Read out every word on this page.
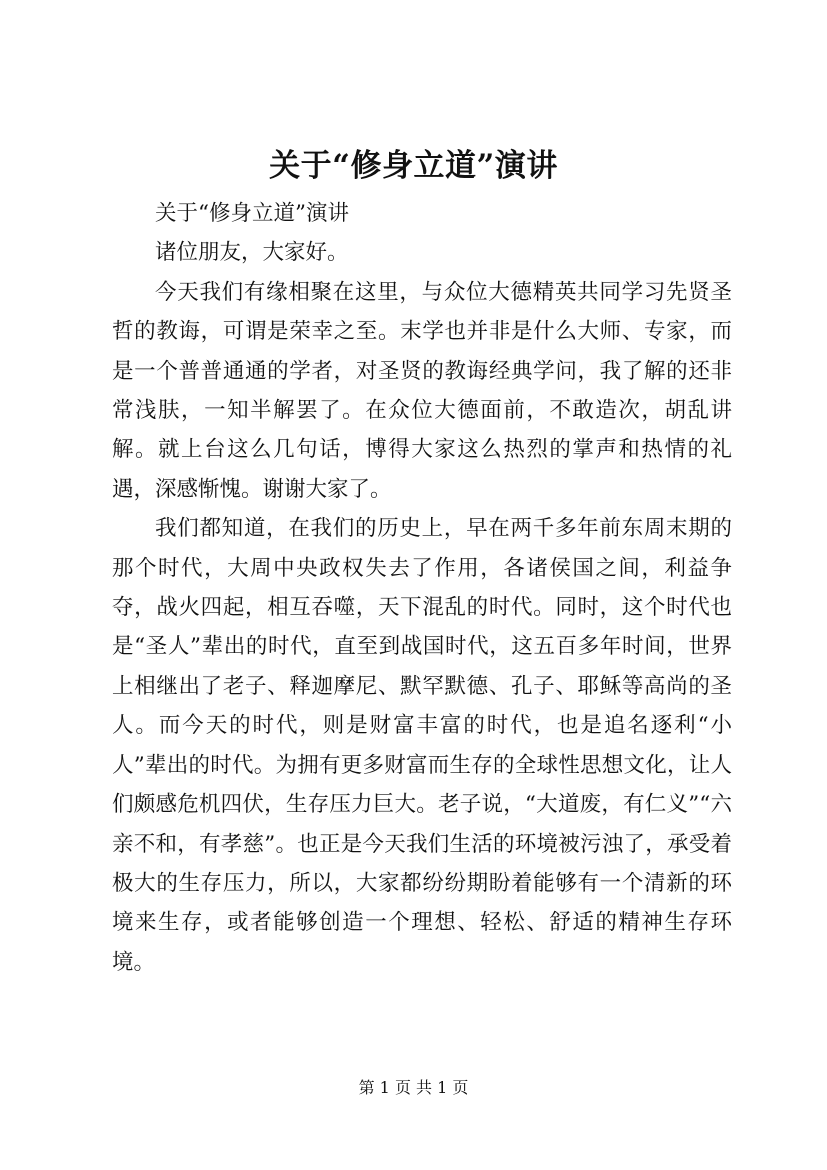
关于“修身立道”演讲

关于“修身立道”演讲

诸位朋友，大家好。

今天我们有缘相聚在这里，与众位大德精英共同学习先贤圣哲的教诲，可谓是荣幸之至。末学也并非是什么大师、专家，而是一个普普通通的学者，对圣贤的教诲经典学问，我了解的还非常浅肤，一知半解罢了。在众位大德面前，不敢造次，胡乱讲解。就上台这么几句话，博得大家这么热烈的掌声和热情的礼遇，深感惭愧。谢谢大家了。

我们都知道，在我们的历史上，早在两千多年前东周末期的那个时代，大周中央政权失去了作用，各诸侯国之间，利益争夺，战火四起，相互吞噬，天下混乱的时代。同时，这个时代也是“圣人”辈出的时代，直至到战国时代，这五百多年时间，世界上相继出了老子、释迦摩尼、默罕默德、孔子、耶稣等高尚的圣人。而今天的时代，则是财富丰富的时代，也是追名逐利“小人”辈出的时代。为拥有更多财富而生存的全球性思想文化，让人们颇感危机四伏，生存压力巨大。老子说，“大道废，有仁义”“六亲不和，有孝慈”。也正是今天我们生活的环境被污浊了，承受着极大的生存压力，所以，大家都纷纷期盼着能够有一个清新的环境来生存，或者能够创造一个理想、轻松、舒适的精神生存环境。

第 1 页 共 1 页
